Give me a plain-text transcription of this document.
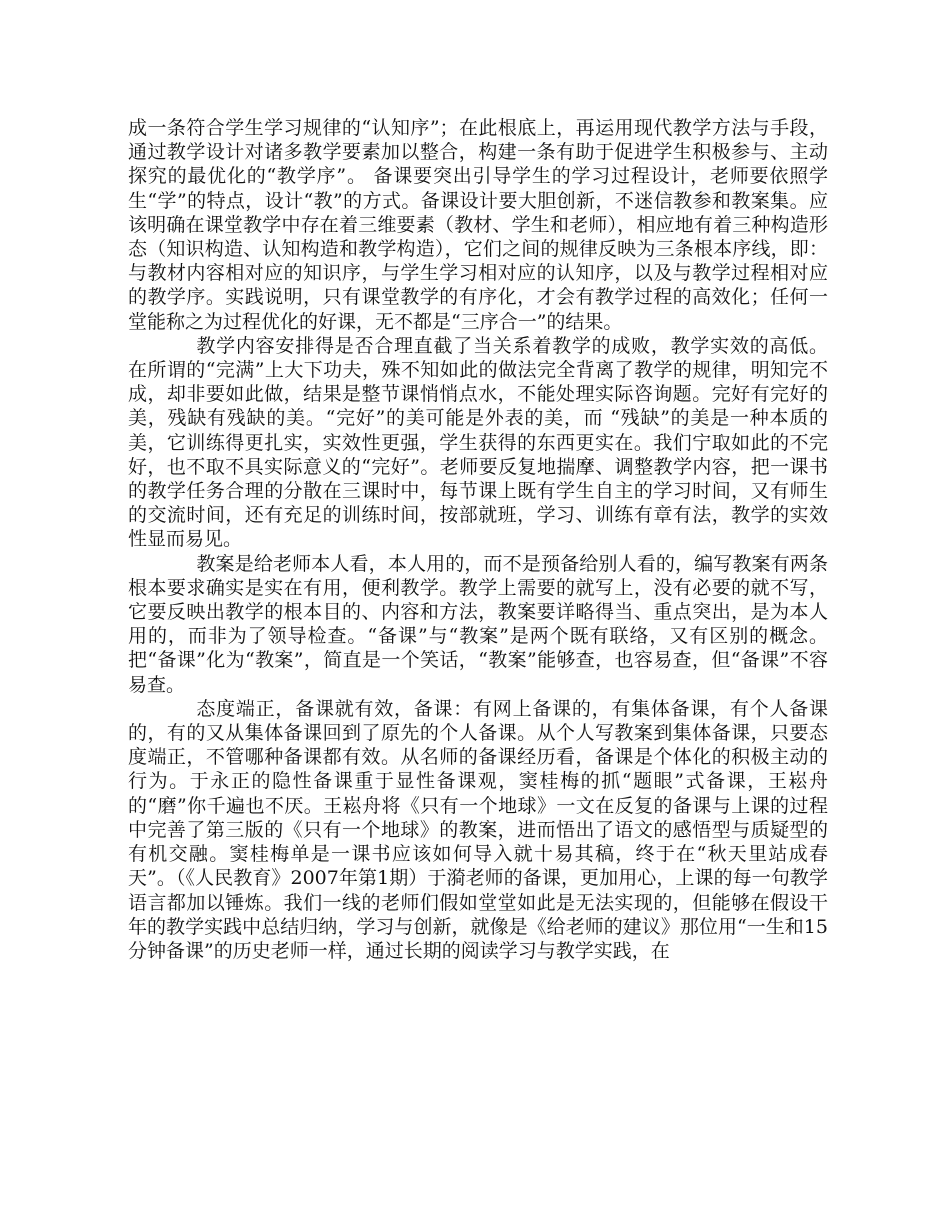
成一条符合学生学习规律的“认知序”；在此根底上，再运用现代教学方法与手段，通过教学设计对诸多教学要素加以整合，构建一条有助于促进学生积极参与、主动探究的最优化的“教学序”。 备课要突出引导学生的学习过程设计，老师要依照学生“学”的特点，设计“教”的方式。备课设计要大胆创新，不迷信教参和教案集。应该明确在课堂教学中存在着三维要素（教材、学生和老师），相应地有着三种构造形态（知识构造、认知构造和教学构造），它们之间的规律反映为三条根本序线，即：与教材内容相对应的知识序，与学生学习相对应的认知序，以及与教学过程相对应的教学序。实践说明，只有课堂教学的有序化，才会有教学过程的高效化；任何一堂能称之为过程优化的好课，无不都是“三序合一”的结果。

教学内容安排得是否合理直截了当关系着教学的成败，教学实效的高低。 在所谓的“完满”上大下功夫，殊不知如此的做法完全背离了教学的规律，明知完不成，却非要如此做，结果是整节课悄悄点水，不能处理实际咨询题。完好有完好的美，残缺有残缺的美。“完好”的美可能是外表的美，而 “残缺”的美是一种本质的美，它训练得更扎实，实效性更强，学生获得的东西更实在。我们宁取如此的不完好，也不取不具实际意义的“完好”。老师要反复地揣摩、调整教学内容，把一课书的教学任务合理的分散在三课时中，每节课上既有学生自主的学习时间，又有师生的交流时间，还有充足的训练时间，按部就班，学习、训练有章有法，教学的实效性显而易见。

教案是给老师本人看，本人用的，而不是预备给别人看的，编写教案有两条根本要求确实是实在有用，便利教学。教学上需要的就写上，没有必要的就不写，它要反映出教学的根本目的、内容和方法，教案要详略得当、重点突出，是为本人用的，而非为了领导检查。“备课”与“教案”是两个既有联络，又有区别的概念。把“备课”化为“教案”，简直是一个笑话，“教案”能够查，也容易查，但“备课”不容易查。

态度端正，备课就有效，备课：有网上备课的，有集体备课，有个人备课的，有的又从集体备课回到了原先的个人备课。从个人写教案到集体备课，只要态度端正，不管哪种备课都有效。从名师的备课经历看，备课是个体化的积极主动的行为。于永正的隐性备课重于显性备课观，窦桂梅的抓“题眼”式备课，王崧舟的“磨”你千遍也不厌。王崧舟将《只有一个地球》一文在反复的备课与上课的过程中完善了第三版的《只有一个地球》的教案，进而悟出了语文的感悟型与质疑型的有机交融。窦桂梅单是一课书应该如何导入就十易其稿，终于在“秋天里站成春天”。（《人民教育》2007年第1期）于漪老师的备课，更加用心，上课的每一句教学语言都加以锤炼。我们一线的老师们假如堂堂如此是无法实现的，但能够在假设干年的教学实践中总结归纳，学习与创新，就像是《给老师的建议》那位用“一生和15分钟备课”的历史老师一样，通过长期的阅读学习与教学实践，在
